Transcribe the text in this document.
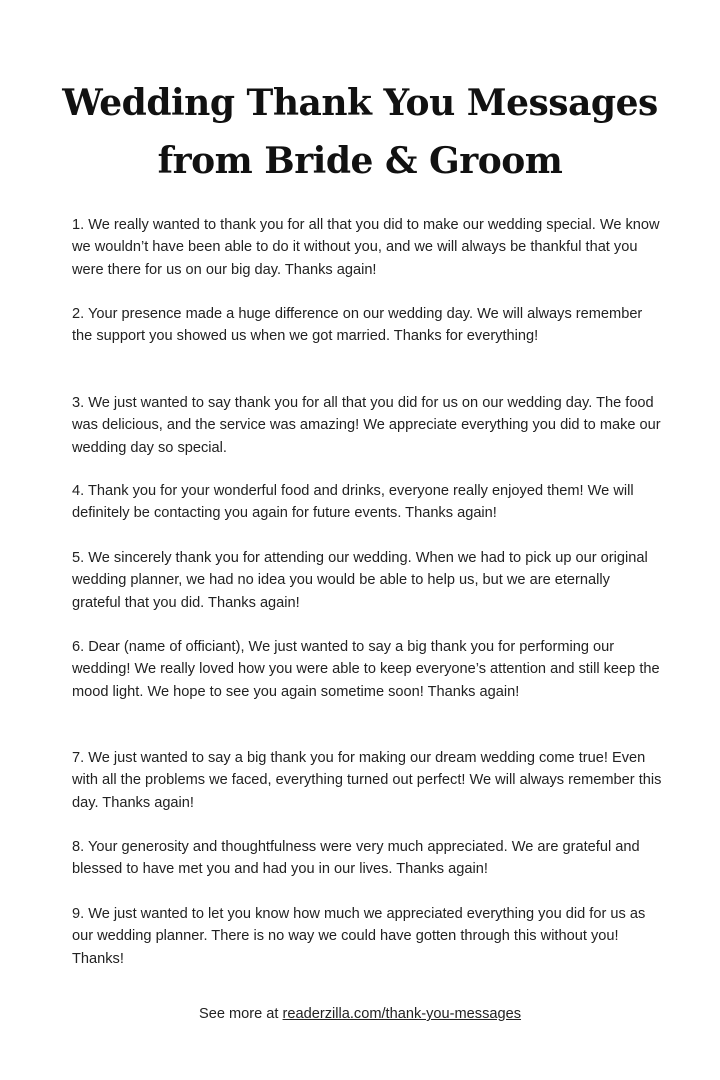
Wedding Thank You Messages
from Bride & Groom

1. We really wanted to thank you for all that you did to make our wedding special. We know we wouldn’t have been able to do it without you, and we will always be thankful that you were there for us on our big day. Thanks again!

2. Your presence made a huge difference on our wedding day. We will always remember the support you showed us when we got married. Thanks for everything!

3. We just wanted to say thank you for all that you did for us on our wedding day. The food was delicious, and the service was amazing! We appreciate everything you did to make our wedding day so special.

4. Thank you for your wonderful food and drinks, everyone really enjoyed them! We will definitely be contacting you again for future events. Thanks again!

5. We sincerely thank you for attending our wedding. When we had to pick up our original wedding planner, we had no idea you would be able to help us, but we are eternally grateful that you did. Thanks again!

6. Dear (name of officiant), We just wanted to say a big thank you for performing our wedding! We really loved how you were able to keep everyone’s attention and still keep the mood light. We hope to see you again sometime soon! Thanks again!

7. We just wanted to say a big thank you for making our dream wedding come true! Even with all the problems we faced, everything turned out perfect! We will always remember this day. Thanks again!

8. Your generosity and thoughtfulness were very much appreciated. We are grateful and blessed to have met you and had you in our lives. Thanks again!

9. We just wanted to let you know how much we appreciated everything you did for us as our wedding planner. There is no way we could have gotten through this without you! Thanks!

See more at readerzilla.com/thank-you-messages
